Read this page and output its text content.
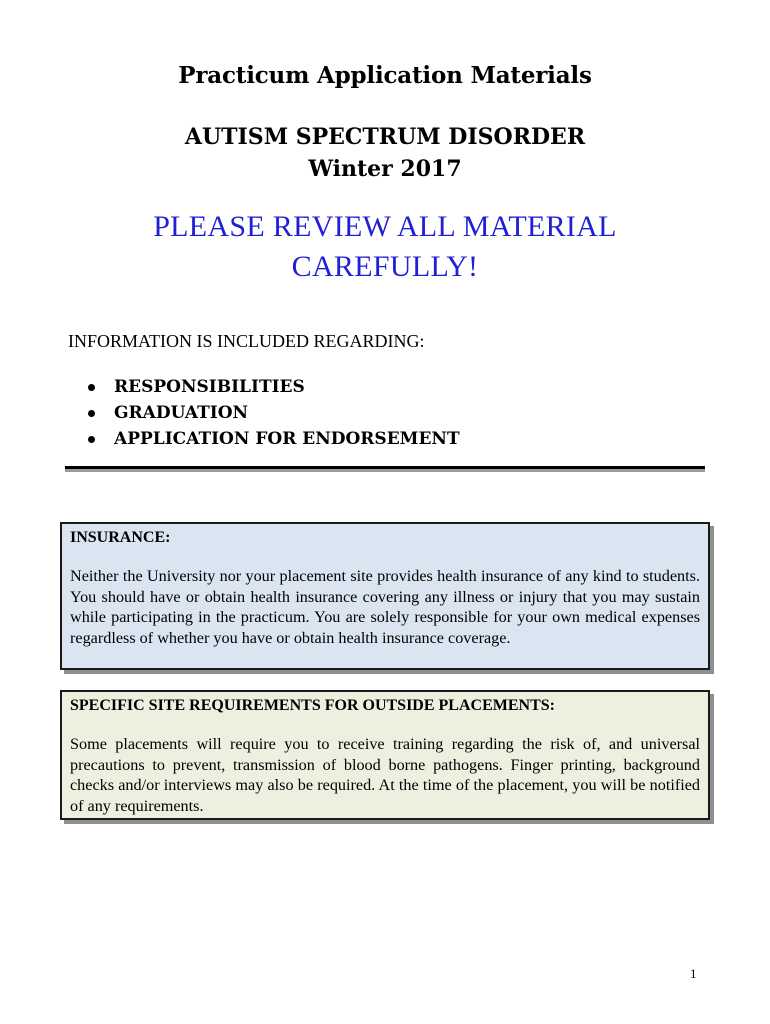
Practicum Application Materials
AUTISM SPECTRUM DISORDER
Winter 2017
PLEASE REVIEW ALL MATERIAL
CAREFULLY!
INFORMATION IS INCLUDED REGARDING:
RESPONSIBILITIES
GRADUATION
APPLICATION FOR ENDORSEMENT

INSURANCE:

Neither the University nor your placement site provides health insurance of any kind to students. You should have or obtain health insurance covering any illness or injury that you may sustain while participating in the practicum. You are solely responsible for your own medical expenses regardless of whether you have or obtain health insurance coverage.

SPECIFIC SITE REQUIREMENTS FOR OUTSIDE PLACEMENTS:

Some placements will require you to receive training regarding the risk of, and universal precautions to prevent, transmission of blood borne pathogens. Finger printing, background checks and/or interviews may also be required. At the time of the placement, you will be notified of any requirements.

1
